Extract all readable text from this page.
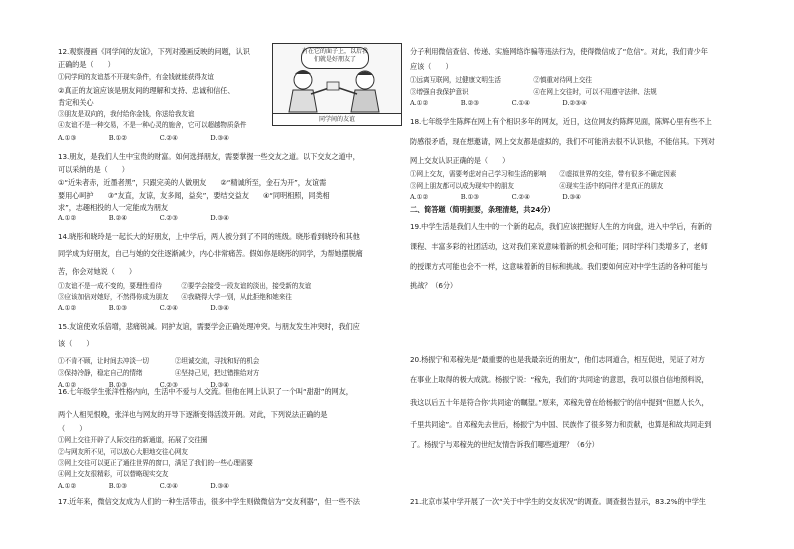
12.观察漫画《同学间的友谊》，下列对漫画反映的问题，认识
正确的是（　　）
①同学间的友谊基不开现实条件，有金钱就能获得友谊
②真正的友谊应该是朋友间的理解和支持、忠诚和信任、
肯定和关心
③朋友是双向的，我付给你金钱，你送给我友谊
④友谊不是一种交易，不是一种心灵的施舍，它可以超越物质条件
A.①③　　　　　B.①②　　　　　C.②④　　　　　D.③④
13.朋友，是我们人生中宝贵的财富。如何选择朋友，需要掌握一些交友之道。以下交友之道中，
可以采纳的是（　　）
①“近朱者赤，近墨者黑”，只跟完美的人做朋友　　②“精诚所至，金石为开”，友谊需
要用心呵护　　③“友直，友谅，友多闻，益矣”，要结交益友　　④“同明相照，同类相
求”，志趣相投的人一定能成为朋友
A.①②　　　　　B.②④　　　　　C.②③　　　　　D.③④
14.晓彤和晓玲是一起长大的好朋友，上中学后，两人被分到了不同的班级。晓彤看到晓玲和其他
同学成为好朋友，自己与她的交往逐渐减少，内心非常痛苦。假如你是晓彤的同学，为帮她摆脱痛
苦，你会对她说（　　）
①友谊不是一成不变的，要理性看待　　　②要学会接受一段友谊的淡出，接受新的友谊
③应该加倍对她好，不然得你成为朋友　　④我晓得大学一别，从此拒绝和她来往
A.①②　　　　　B.①③　　　　　C.②④　　　　　D.③④
15.友谊使欢乐倍增，悲痛锐减。同护友谊，需要学会正确处理冲突。与朋友发生冲突时，我们应
该（　　）
①不肯不顾，让时间去冲淡一切　　　　②坦诚交流，寻找和好的机会
③保持冷静，稳定自己的情绪　　　　　④坚持己见，把过错推给对方
A.①②　　　　　B.①③　　　　　C.②③　　　　　D.③④
16.七年级学生张洋性格内向，生活中不爱与人交流。但他在网上认识了一个叫“甜甜”的网友，
两个人相见恨晚，张洋也与网友的开导下逐渐变得活泼开朗。对此，下列说法正确的是
（　　）
①网上交往开辟了人际交往的新通道，拓展了交往圈
②与网友所不见，可以放心大胆地交往心网友
③网上交往可以更正了通往世界的窗口，满足了我们的一些心理需要
④网上交友很精彩，可以替略现实交友
A.①②　　　　　B.①③　　　　　C.②④　　　　　D.③④
17.近年来，微信交友成为人们的一种生活带击，很多中学生则做微信为“交友利器”，但一些不法
分子利用微信查信、传递、实施网络诈骗等违法行为，使得微信成了“危信”。对此，我们青少年
应该（　　）
①远离互联网，过健康文明生活　　　　　②慎重对待网上交往
③增强自我保护意识　　　　　　　　　　④在网上交往时，可以不用遵守法律、法规
A.①②　　　　　B.②③　　　　　C.①④　　　　　D.②③④
18.七年级学生陈辉在网上有个相识多年的网友，近日，这位网友约陈辉见面，陈辉心里有些不上
防感很矛盾，现在想邀请，网上交友都是虚拟的，我们不可能消去很不认识他，不能信其。下列对
网上交友认识正确的是（　　）
①网上交友，需要考虑对自己学习和生活的影响　　②虚拟世界的交往，带有很多不确定因素
③网上朋友都可以成为现实中的朋友　　　　　　　④现实生活中的同伴才是真正的朋友
A.①②　　　　　B.①③　　　　　C.②④　　　　　D.③④
二、简答题（简明扼要，条理清楚，共24分）
19.中学生活是我们人生中的一个新的起点，我们应该把握好人生的方向盘，进入中学后，有新的
课程、丰富多彩的社团活动，这对我们来说意味着新的机会和可能；同时学科门类增多了，老师
的授课方式可能也会不一样，这意味着新的目标和挑战。我们要如何应对中学生活的各种可能与
挑战？（6分）
20.杨振宁和邓稼先是“最重要的也是我最亲近的朋友”，他们志同道合，相互促进，见证了对方
在事业上取得的极大成就。杨振宁说：“稼先，我们的‘共同途’的意思，我可以很自信地预料说，
我这以后五十年是符合你‘共同途’的瞩望。”原来，邓稼先曾在给杨振宁的信中提到“但愿人长久，
千里共同途”。自邓稼先去世后，杨振宁为中国、民族作了很多努力和贡献，也算是和故共同走到
了。杨振宁与邓稼先的世纪友情告诉我们哪些道理？（6分）
21.北京市某中学开展了一次“关于中学生的交友状况”的调查。调查报告显示，83.2%的中学生
有在它的面子上，以后我们就是好朋友了
同学间的友谊
